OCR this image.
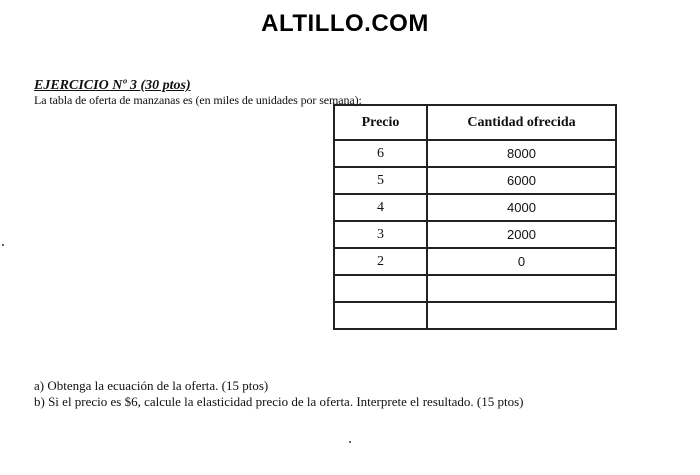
ALTILLO.COM
EJERCICIO Nº 3 (30 ptos)
La tabla de oferta de manzanas es (en miles de unidades por semana):
Precio	Cantidad ofrecida
6	8000
5	6000
4	4000
3	2000
2	0

a) Obtenga la ecuación de la oferta. (15 ptos)
b) Si el precio es $6, calcule la elasticidad precio de la oferta. Interprete el resultado. (15 ptos)
